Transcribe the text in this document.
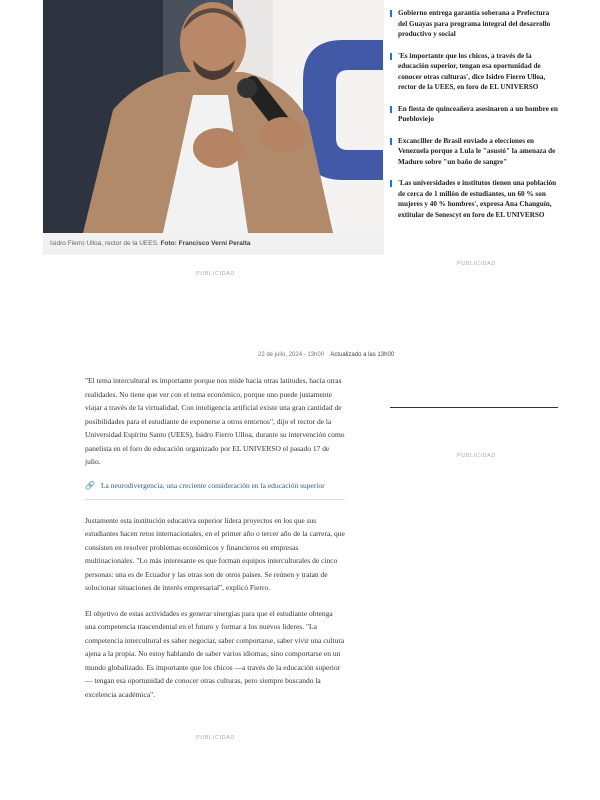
Isidro Fierro Ulloa, rector de la UEES. Foto: Francisco Verni Peralta
PUBLICIDAD
Gobierno entrega garantía soberana a Prefectura del Guayas para programa integral del desarrollo productivo y social
'Es importante que los chicos, a través de la educación superior, tengan esa oportunidad de conocer otras culturas', dice Isidro Fierro Ulloa, rector de la UEES, en foro de EL UNIVERSO
En fiesta de quinceañera asesinaron a un hombre en Puebloviejo
Excanciller de Brasil enviado a elecciones en Venezuela porque a Lula le "asustó" la amenaza de Maduro sobre "un baño de sangre"
'Las universidades e institutos tienen una población de cerca de 1 millón de estudiantes, un 60 % son mujeres y 40 % hombres', expresa Ana Changuín, extitular de Senescyt en foro de EL UNIVERSO
PUBLICIDAD
PUBLICIDAD
22 de julio, 2024 - 13h00 Actualizado a las 13h00

"El tema intercultural es importante porque nos mide hacia otras latitudes, hacia otras realidades. No tiene que ver con el tema económico, porque uno puede justamente viajar a través de la virtualidad. Con inteligencia artificial existe una gran cantidad de posibilidades para el estudiante de exponerse a otros entornos", dijo el rector de la Universidad Espíritu Santo (UEES), Isidro Fierro Ulloa, durante su intervención como panelista en el foro de educación organizado por EL UNIVERSO el pasado 17 de julio.

🔗 La neurodivergencia, una creciente consideración en la educación superior

Justamente esta institución educativa superior lidera proyectos en los que sus estudiantes hacen retos internacionales, en el primer año o tercer año de la carrera, que consisten en resolver problemas económicos y financieros en empresas multinacionales. "Lo más interesante es que forman equipos interculturales de cinco personas: una es de Ecuador y las otras son de otros países. Se reúnen y tratan de solucionar situaciones de interés empresarial", explicó Fierro.

El objetivo de estas actividades es generar sinergias para que el estudiante obtenga una competencia trascendental en el futuro y formar a los nuevos líderes. "La competencia intercultural es saber negociar, saber comportarse, saber vivir una cultura ajena a la propia. No estoy hablando de saber varios idiomas, sino comportarse en un mundo globalizado. Es importante que los chicos —a través de la educación superior— tengan esa oportunidad de conocer otras culturas, pero siempre buscando la excelencia académica".

PUBLICIDAD
